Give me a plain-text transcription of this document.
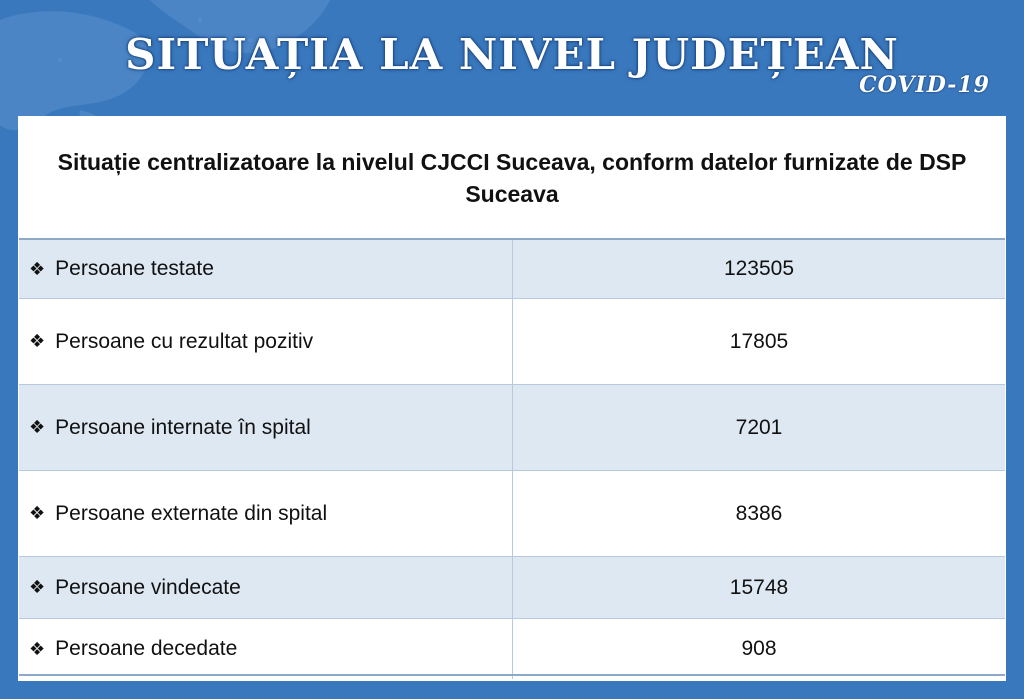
SITUAȚIA LA NIVEL JUDEȚEAN
COVID-19
Situație centralizatoare la nivelul CJCCI Suceava, conform datelor furnizate de DSP Suceava
❖ Persoane testate	123505
❖ Persoane cu rezultat pozitiv	17805
❖ Persoane internate în spital	7201
❖ Persoane externate din spital	8386
❖ Persoane vindecate	15748
❖ Persoane decedate	908
